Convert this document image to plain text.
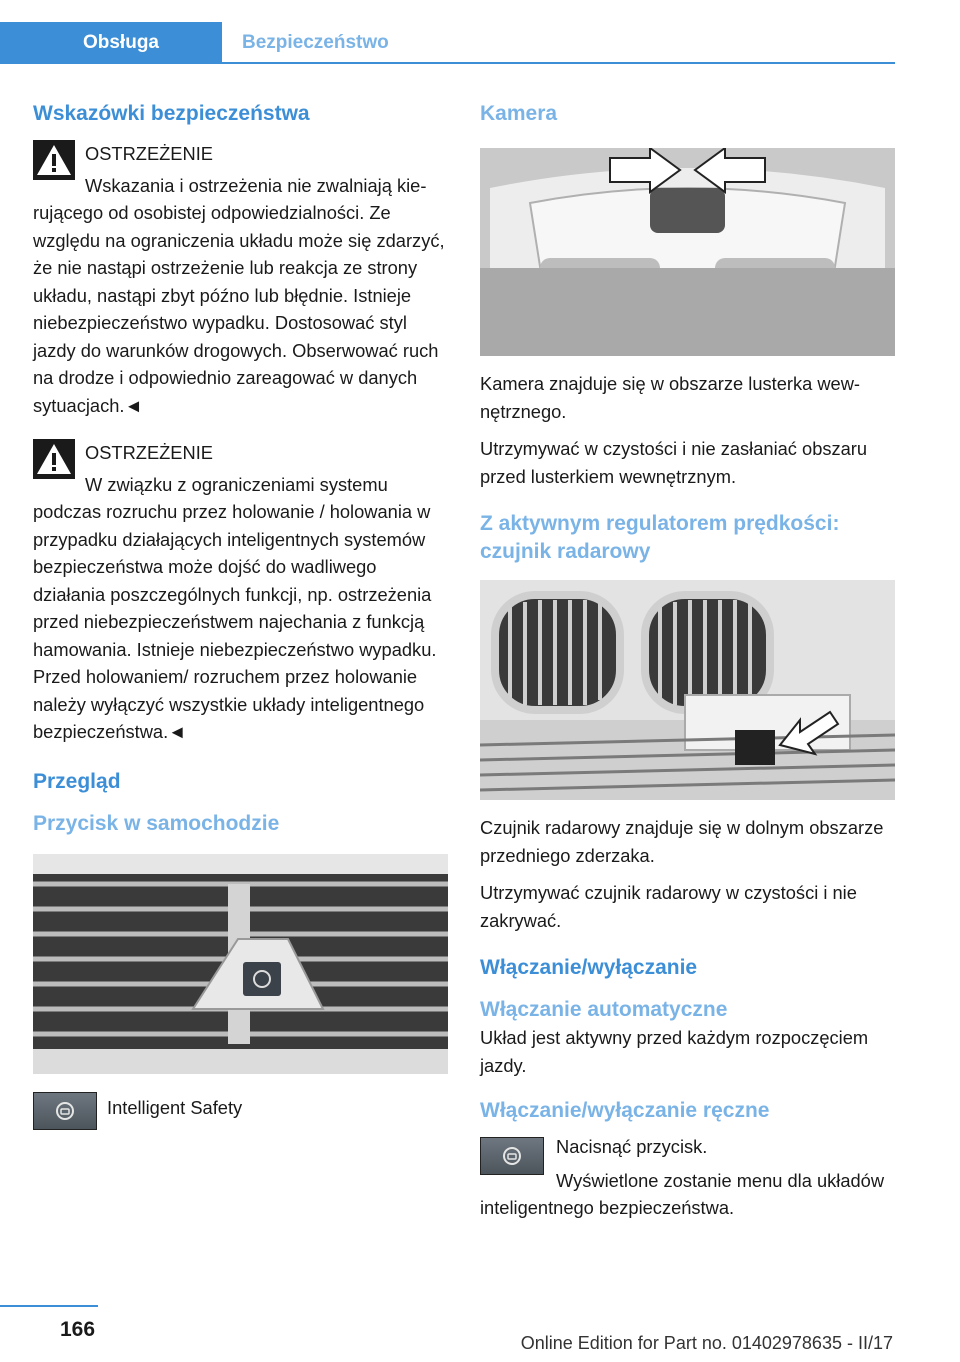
Obsługa	Bezpieczeństwo
Wskazówki bezpieczeństwa

OSTRZEŻENIE

Wskazania i ostrzeżenia nie zwalniają kierującego od osobistej odpowiedzialności. Ze względu na ograniczenia układu może się zdarzyć, że nie nastąpi ostrzeżenie lub reakcja ze strony układu, nastąpi zbyt późno lub błędnie. Istnieje niebezpieczeństwo wypadku. Dostosować styl jazdy do warunków drogowych. Obserwować ruch na drodze i odpowiednio zareagować w danych sytuacjach.◄

OSTRZEŻENIE

W związku z ograniczeniami systemu podczas rozruchu przez holowanie / holowania w przypadku działających inteligentnych systemów bezpieczeństwa może dojść do wadliwego działania poszczególnych funkcji, np. ostrzeżenia przed niebezpieczeństwem najechania z funkcją hamowania. Istnieje niebezpieczeństwo wypadku. Przed holowaniem/ rozruchem przez holowanie należy wyłączyć wszystkie układy inteligentnego bezpieczeństwa.◄

Przegląd
Przycisk w samochodzie

Intelligent Safety

Kamera

Kamera znajduje się w obszarze lusterka wewnętrznego.

Utrzymywać w czystości i nie zasłaniać obszaru przed lusterkiem wewnętrznym.

Z aktywnym regulatorem prędkości: czujnik radarowy

Czujnik radarowy znajduje się w dolnym obszarze przedniego zderzaka.

Utrzymywać czujnik radarowy w czystości i nie zakrywać.

Włączanie/wyłączanie
Włączanie automatyczne

Układ jest aktywny przed każdym rozpoczęciem jazdy.

Włączanie/wyłączanie ręczne

Nacisnąć przycisk.

Wyświetlone zostanie menu dla układów inteligentnego bezpieczeństwa.

166
Online Edition for Part no. 01402978635 - II/17
